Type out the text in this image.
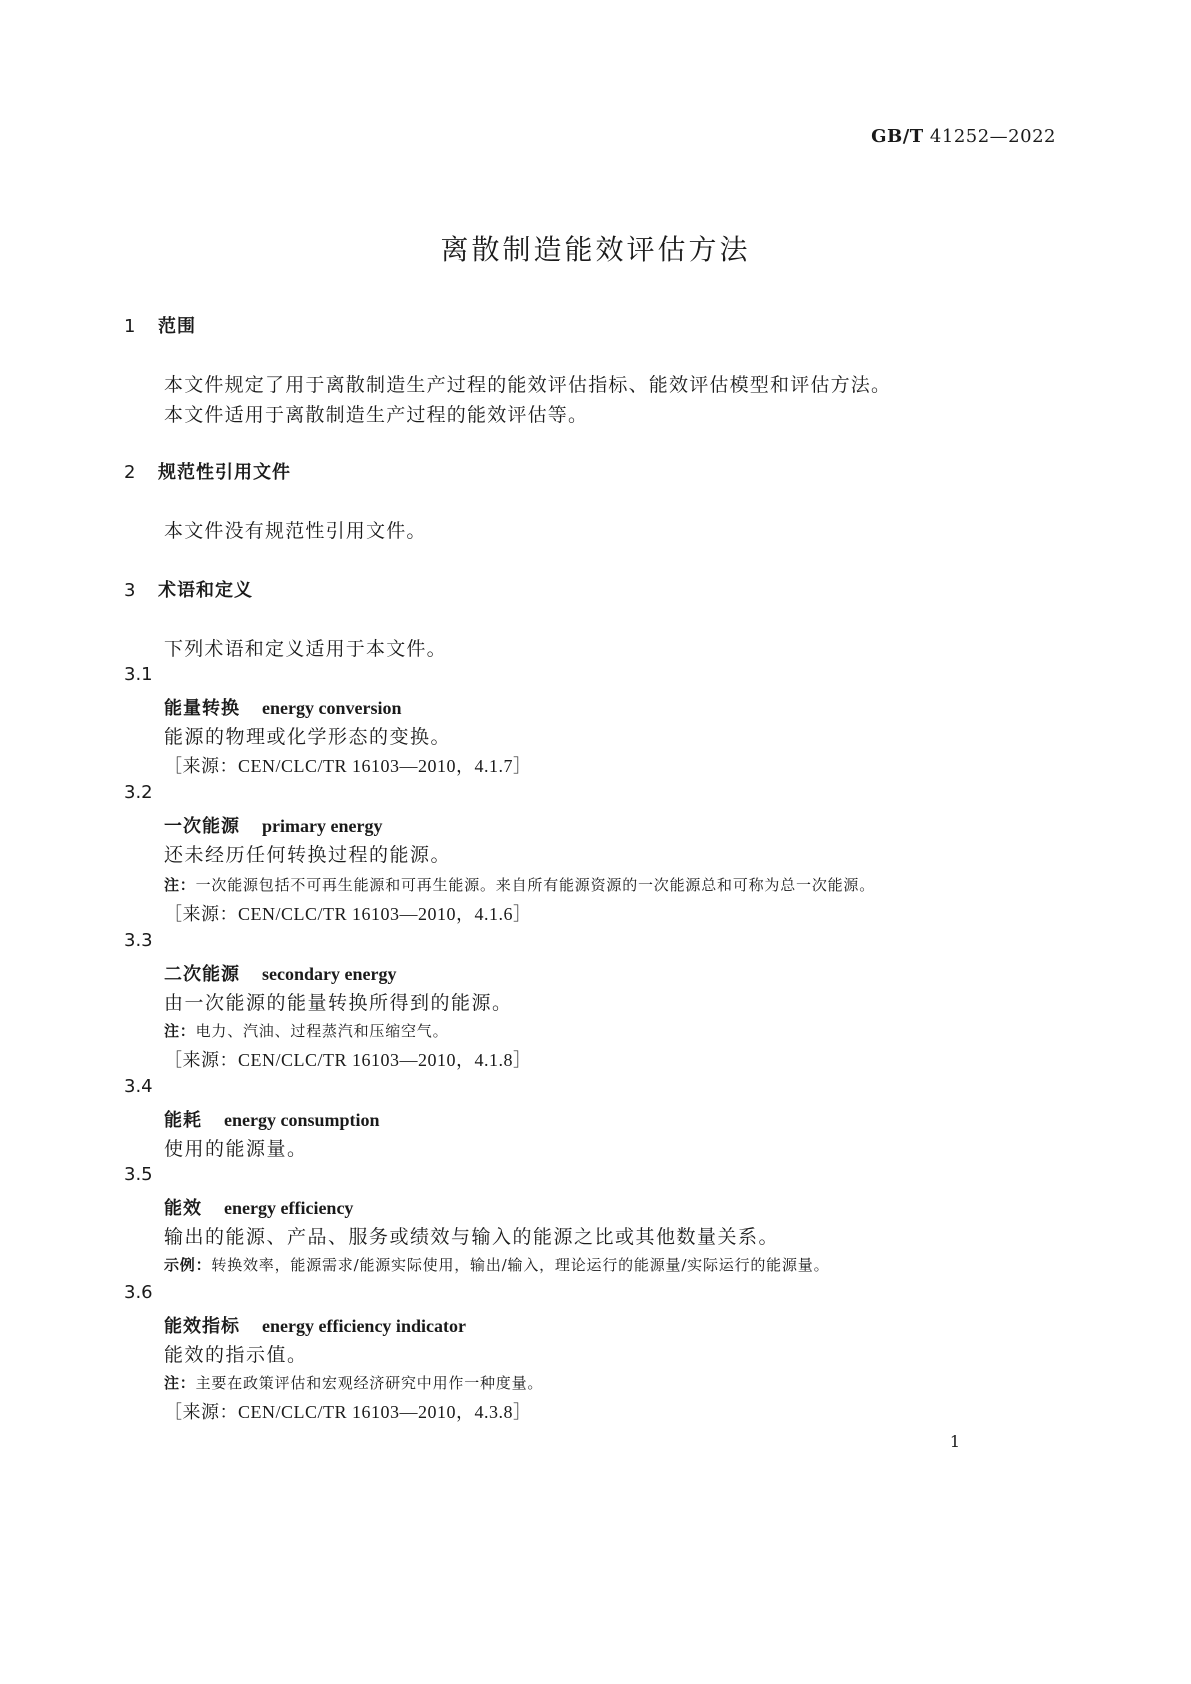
GB/T 41252—2022
离散制造能效评估方法
1 范围
本文件规定了用于离散制造生产过程的能效评估指标、能效评估模型和评估方法。
本文件适用于离散制造生产过程的能效评估等。
2 规范性引用文件
本文件没有规范性引用文件。
3 术语和定义
下列术语和定义适用于本文件。
3.1
能量转换 energy conversion
能源的物理或化学形态的变换。
［来源：CEN/CLC/TR 16103—2010，4.1.7］
3.2
一次能源 primary energy
还未经历任何转换过程的能源。
注：一次能源包括不可再生能源和可再生能源。来自所有能源资源的一次能源总和可称为总一次能源。
［来源：CEN/CLC/TR 16103—2010，4.1.6］
3.3
二次能源 secondary energy
由一次能源的能量转换所得到的能源。
注：电力、汽油、过程蒸汽和压缩空气。
［来源：CEN/CLC/TR 16103—2010，4.1.8］
3.4
能耗 energy consumption
使用的能源量。
3.5
能效 energy efficiency
输出的能源、产品、服务或绩效与输入的能源之比或其他数量关系。
示例：转换效率，能源需求/能源实际使用，输出/输入，理论运行的能源量/实际运行的能源量。
3.6
能效指标 energy efficiency indicator
能效的指示值。
注：主要在政策评估和宏观经济研究中用作一种度量。
［来源：CEN/CLC/TR 16103—2010，4.3.8］
1
